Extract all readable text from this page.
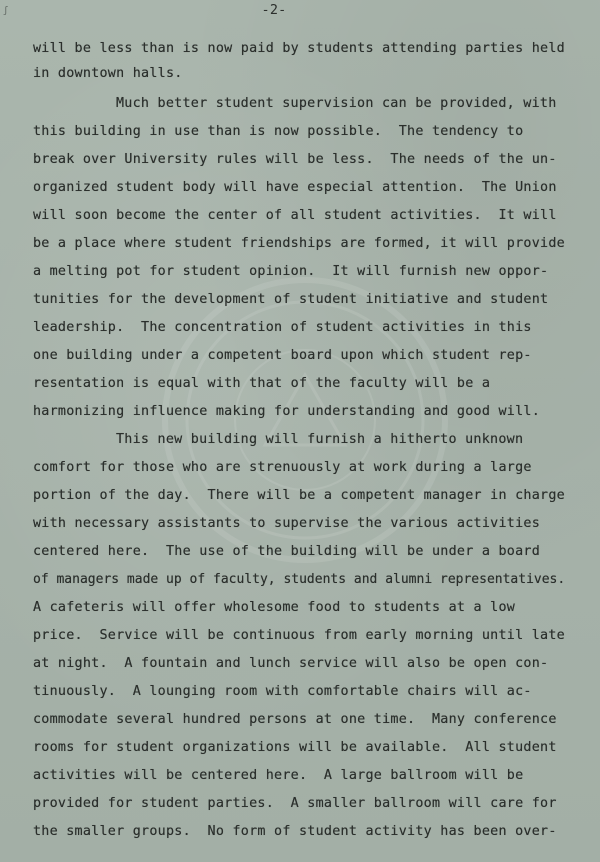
ʃ	-2-
will be less than is now paid by students attending parties held
in downtown halls.
Much better student supervision can be provided, with
this building in use than is now possible.  The tendency to
break over University rules will be less.  The needs of the un-
organized student body will have especial attention.  The Union
will soon become the center of all student activities.  It will
be a place where student friendships are formed, it will provide
a melting pot for student opinion.  It will furnish new oppor-
tunities for the development of student initiative and student
leadership.  The concentration of student activities in this
one building under a competent board upon which student rep-
resentation is equal with that of the faculty will be a
harmonizing influence making for understanding and good will.
This new building will furnish a hitherto unknown
comfort for those who are strenuously at work during a large
portion of the day.  There will be a competent manager in charge
with necessary assistants to supervise the various activities
centered here.  The use of the building will be under a board
of managers made up of faculty, students and alumni representatives.
A cafeteris will offer wholesome food to students at a low
price.  Service will be continuous from early morning until late
at night.  A fountain and lunch service will also be open con-
tinuously.  A lounging room with comfortable chairs will ac-
commodate several hundred persons at one time.  Many conference
rooms for student organizations will be available.  All student
activities will be centered here.  A large ballroom will be
provided for student parties.  A smaller ballroom will care for
the smaller groups.  No form of student activity has been over-
